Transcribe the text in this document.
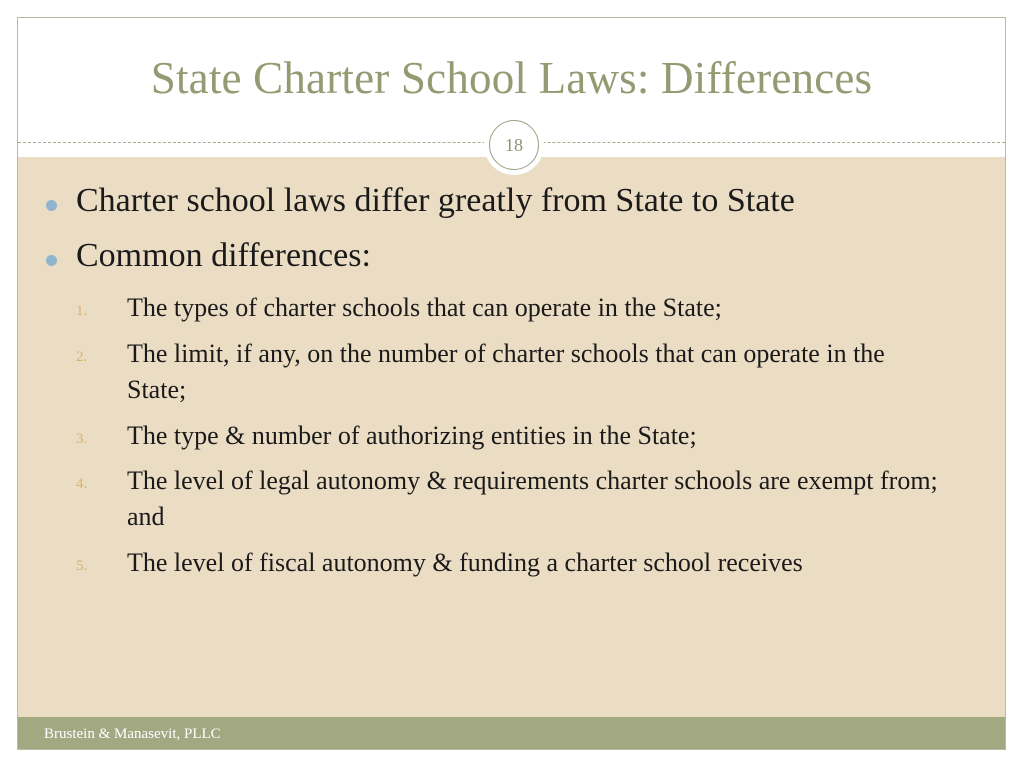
State Charter School Laws: Differences
Charter school laws differ greatly from State to State
Common differences:
1. The types of charter schools that can operate in the State;
2. The limit, if any, on the number of charter schools that can operate in the State;
3. The type & number of authorizing entities in the State;
4. The level of legal autonomy & requirements charter schools are exempt from; and
5. The level of fiscal autonomy & funding a charter school receives
18
Brustein & Manasevit, PLLC
